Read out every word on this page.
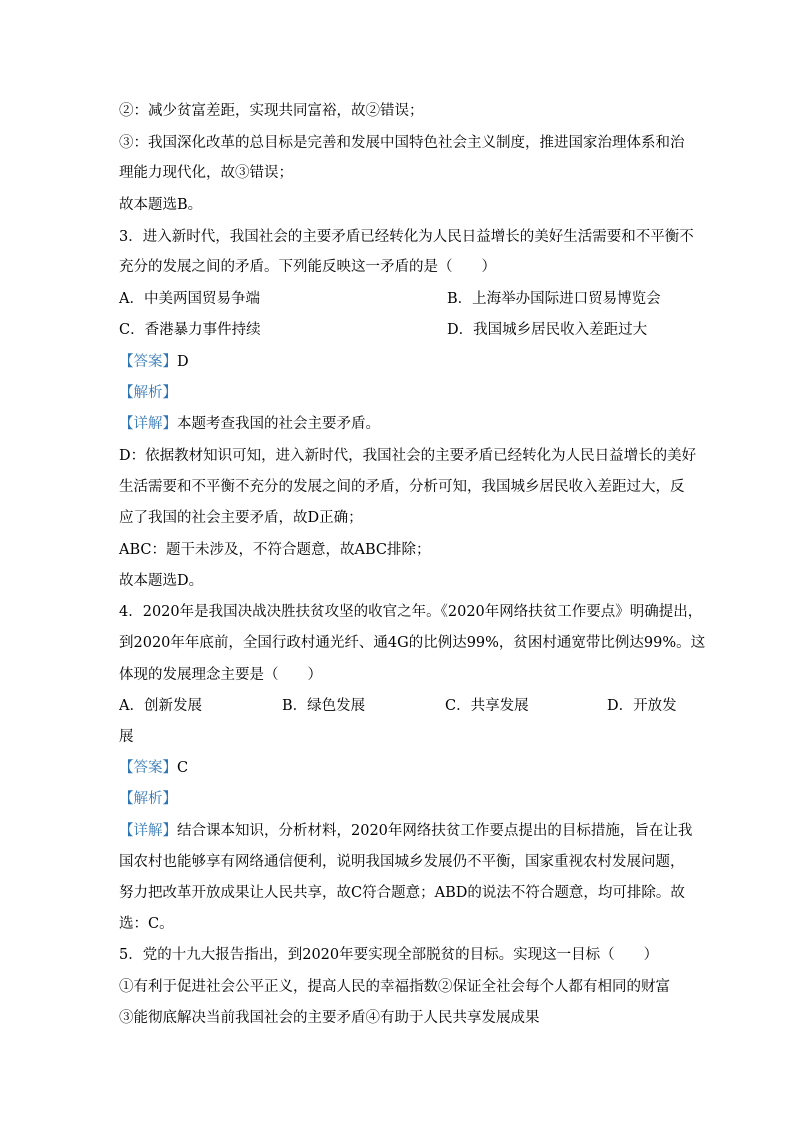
②：减少贫富差距，实现共同富裕，故②错误；
③：我国深化改革的总目标是完善和发展中国特色社会主义制度，推进国家治理体系和治
理能力现代化，故③错误；
故本题选B。
3．进入新时代，我国社会的主要矛盾已经转化为人民日益增长的美好生活需要和不平衡不
充分的发展之间的矛盾。下列能反映这一矛盾的是（　　）
A．中美两国贸易争端	B．上海举办国际进口贸易博览会
C．香港暴力事件持续	D．我国城乡居民收入差距过大
【答案】D
【解析】
【详解】本题考查我国的社会主要矛盾。
D：依据教材知识可知，进入新时代，我国社会的主要矛盾已经转化为人民日益增长的美好
生活需要和不平衡不充分的发展之间的矛盾，分析可知，我国城乡居民收入差距过大，反
应了我国的社会主要矛盾，故D正确；
ABC：题干未涉及，不符合题意，故ABC排除；
故本题选D。
4．2020年是我国决战决胜扶贫攻坚的收官之年。《2020年网络扶贫工作要点》明确提出，
到2020年年底前，全国行政村通光纤、通4G的比例达99%，贫困村通宽带比例达99%。这
体现的发展理念主要是（　　）
A．创新发展	B．绿色发展	C．共享发展	D．开放发
展
【答案】C
【解析】
【详解】结合课本知识，分析材料，2020年网络扶贫工作要点提出的目标措施，旨在让我
国农村也能够享有网络通信便利，说明我国城乡发展仍不平衡，国家重视农村发展问题，
努力把改革开放成果让人民共享，故C符合题意；ABD的说法不符合题意，均可排除。故
选：C。
5．党的十九大报告指出，到2020年要实现全部脱贫的目标。实现这一目标（　　）
①有利于促进社会公平正义，提高人民的幸福指数②保证全社会每个人都有相同的财富
③能彻底解决当前我国社会的主要矛盾④有助于人民共享发展成果
